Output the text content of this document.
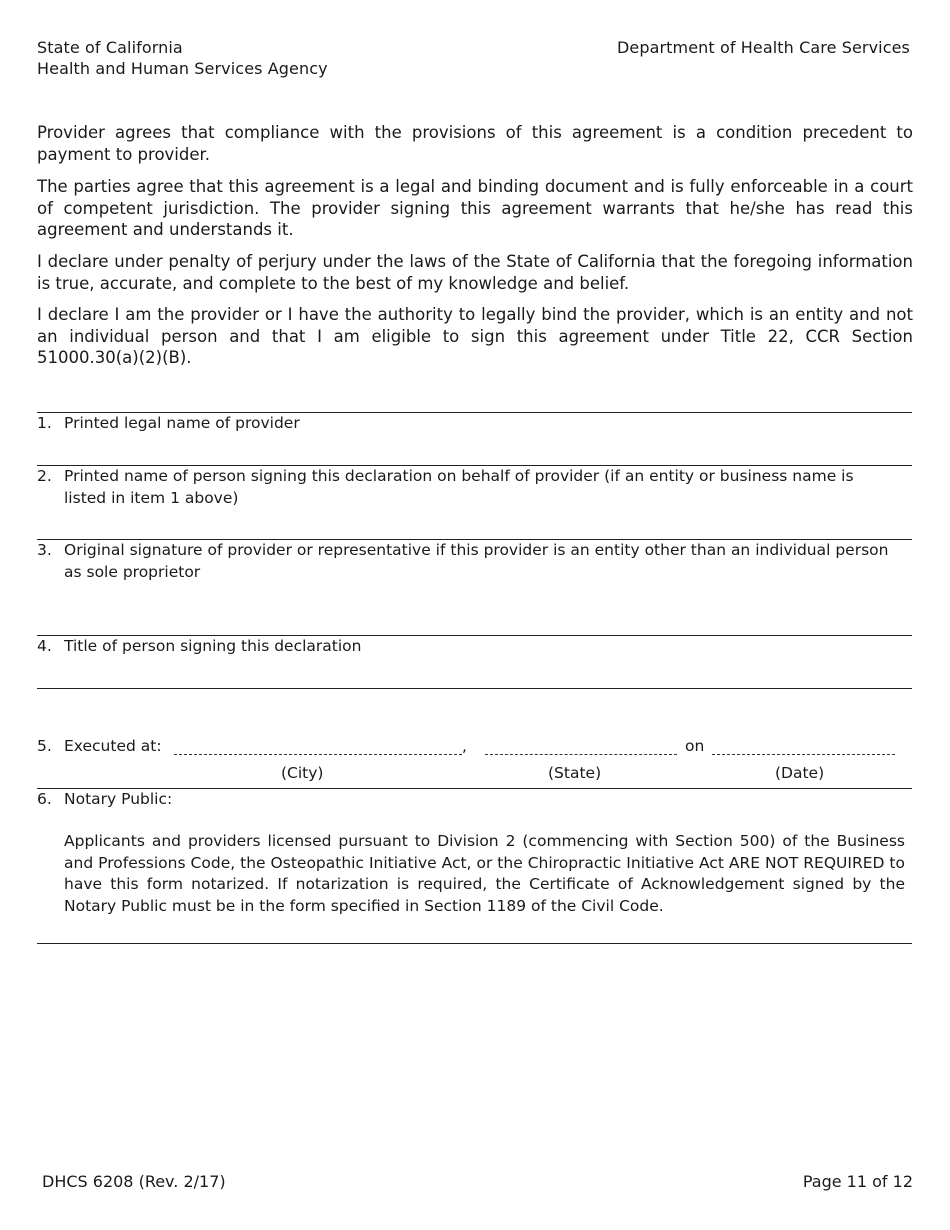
State of California
Health and Human Services Agency
Department of Health Care Services

Provider agrees that compliance with the provisions of this agreement is a condition precedent to payment to provider.

The parties agree that this agreement is a legal and binding document and is fully enforceable in a court of competent jurisdiction. The provider signing this agreement warrants that he/she has read this agreement and understands it.

I declare under penalty of perjury under the laws of the State of California that the foregoing information is true, accurate, and complete to the best of my knowledge and belief.

I declare I am the provider or I have the authority to legally bind the provider, which is an entity and not an individual person and that I am eligible to sign this agreement under Title 22, CCR Section 51000.30(a)(2)(B).

1. Printed legal name of provider
2. Printed name of person signing this declaration on behalf of provider (if an entity or business name is listed in item 1 above)
3. Original signature of provider or representative if this provider is an entity other than an individual person as sole proprietor
4. Title of person signing this declaration
5. Executed at:	,	on
(City)	(State)	(Date)
6. Notary Public:

Applicants and providers licensed pursuant to Division 2 (commencing with Section 500) of the Business and Professions Code, the Osteopathic Initiative Act, or the Chiropractic Initiative Act ARE NOT REQUIRED to have this form notarized. If notarization is required, the Certificate of Acknowledgement signed by the Notary Public must be in the form specified in Section 1189 of the Civil Code.

DHCS 6208 (Rev. 2/17)	Page 11 of 12
